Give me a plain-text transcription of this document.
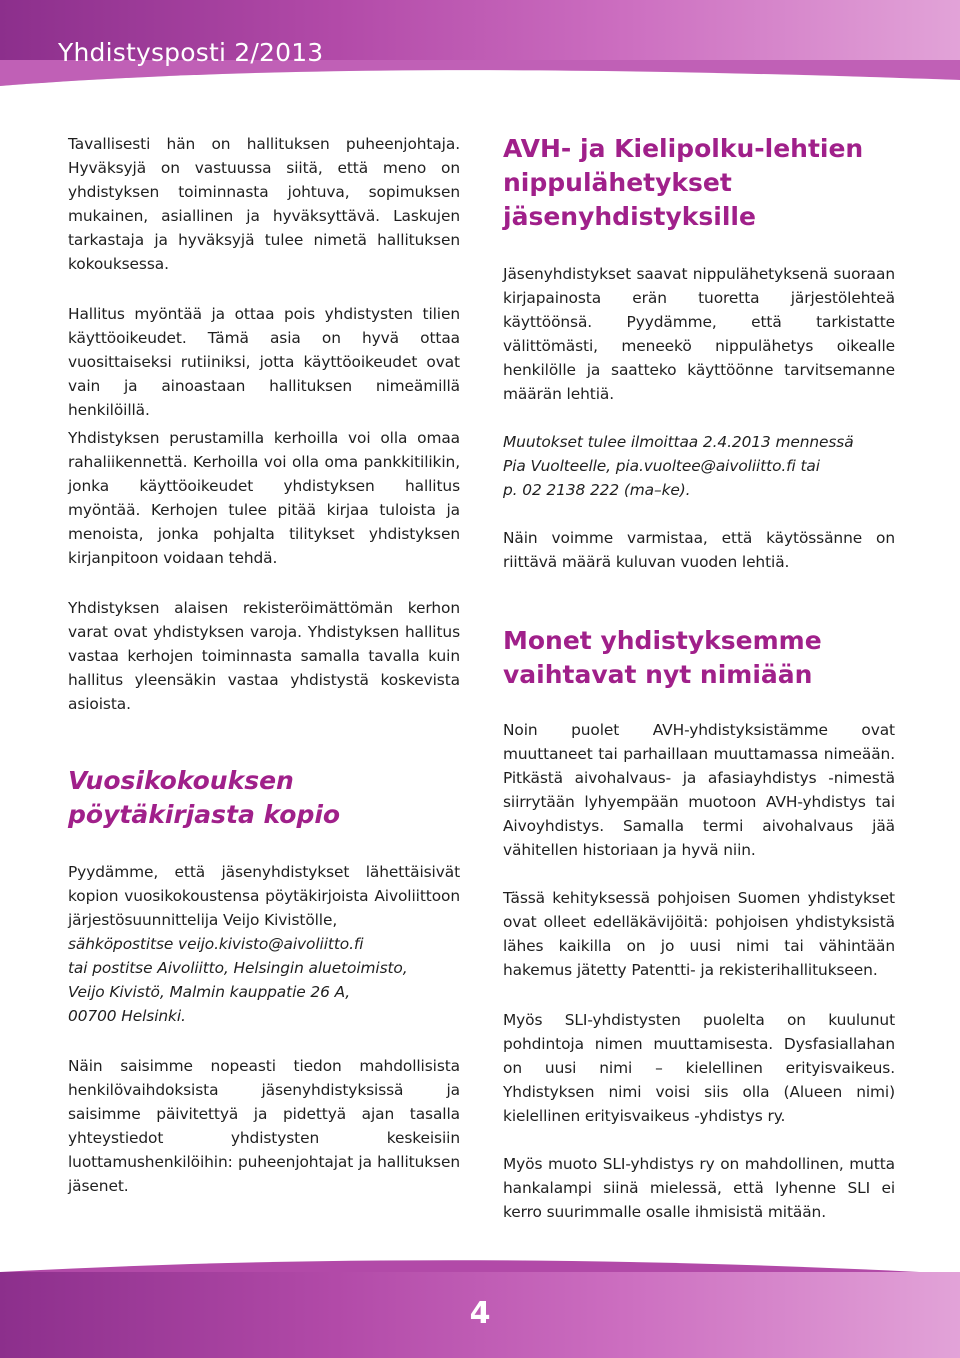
Yhdistysposti 2/2013

Tavallisesti hän on hallituksen puheenjohtaja. Hyväksyjä on vastuussa siitä, että meno on yhdistyksen toiminnasta johtuva, sopimuksen mukainen, asiallinen ja hyväksyttävä. Laskujen tarkastaja ja hyväksyjä tulee nimetä hallituksen kokouksessa.

Hallitus myöntää ja ottaa pois yhdistysten tilien käyttöoikeudet. Tämä asia on hyvä ottaa vuosittaiseksi rutiiniksi, jotta käyttöoikeudet ovat vain ja ainoastaan hallituksen nimeämillä henkilöillä.

Yhdistyksen perustamilla kerhoilla voi olla omaa rahaliikennettä. Kerhoilla voi olla oma pankkitilikin, jonka käyttöoikeudet yhdistyksen hallitus myöntää. Kerhojen tulee pitää kirjaa tuloista ja menoista, jonka pohjalta tilitykset yhdistyksen kirjanpitoon voidaan tehdä.

Yhdistyksen alaisen rekisteröimättömän kerhon varat ovat yhdistyksen varoja. Yhdistyksen hallitus vastaa kerhojen toiminnasta samalla tavalla kuin hallitus yleensäkin vastaa yhdistystä koskevista asioista.

Vuosikokouksen
pöytäkirjasta kopio

Pyydämme, että jäsenyhdistykset lähettäisivät kopion vuosikokoustensa pöytäkirjoista Aivoliittoon järjestösuunnittelija Veijo Kivistölle,

sähköpostitse veijo.kivisto@aivoliitto.fi

tai postitse Aivoliitto, Helsingin aluetoimisto,

Veijo Kivistö, Malmin kauppatie 26 A,

00700 Helsinki.

Näin saisimme nopeasti tiedon mahdollisista henkilövaihdoksista jäsenyhdistyksissä ja saisimme päivitettyä ja pidettyä ajan tasalla yhteystiedot yhdistysten keskeisiin luottamushenkilöihin: puheenjohtajat ja hallituksen jäsenet.

AVH- ja Kielipolku-lehtien
nippulähetykset
jäsenyhdistyksille

Jäsenyhdistykset saavat nippulähetyksenä suoraan kirjapainosta erän tuoretta järjestölehteä käyttöönsä. Pyydämme, että tarkistatte välittömästi, meneekö nippulähetys oikealle henkilölle ja saatteko käyttöönne tarvitsemanne määrän lehtiä.

Muutokset tulee ilmoittaa 2.4.2013 mennessä

Pia Vuolteelle, pia.vuoltee@aivoliitto.fi tai

p. 02 2138 222 (ma–ke).

Näin voimme varmistaa, että käytössänne on riittävä määrä kuluvan vuoden lehtiä.

Monet yhdistyksemme
vaihtavat nyt nimiään

Noin puolet AVH-yhdistyksistämme ovat muuttaneet tai parhaillaan muuttamassa nimeään. Pitkästä aivohalvaus- ja afasiayhdistys -nimestä siirrytään lyhyempään muotoon AVH-yhdistys tai Aivoyhdistys. Samalla termi aivohalvaus jää vähitellen historiaan ja hyvä niin.

Tässä kehityksessä pohjoisen Suomen yhdistykset ovat olleet edelläkävijöitä: pohjoisen yhdistyksistä lähes kaikilla on jo uusi nimi tai vähintään hakemus jätetty Patentti- ja rekisterihallitukseen.

Myös SLI-yhdistysten puolelta on kuulunut pohdintoja nimen muuttamisesta. Dysfasiallahan on uusi nimi – kielellinen erityisvaikeus. Yhdistyksen nimi voisi siis olla (Alueen nimi) kielellinen erityisvaikeus -yhdistys ry.

Myös muoto SLI-yhdistys ry on mahdollinen, mutta hankalampi siinä mielessä, että lyhenne SLI ei kerro suurimmalle osalle ihmisistä mitään.

4
